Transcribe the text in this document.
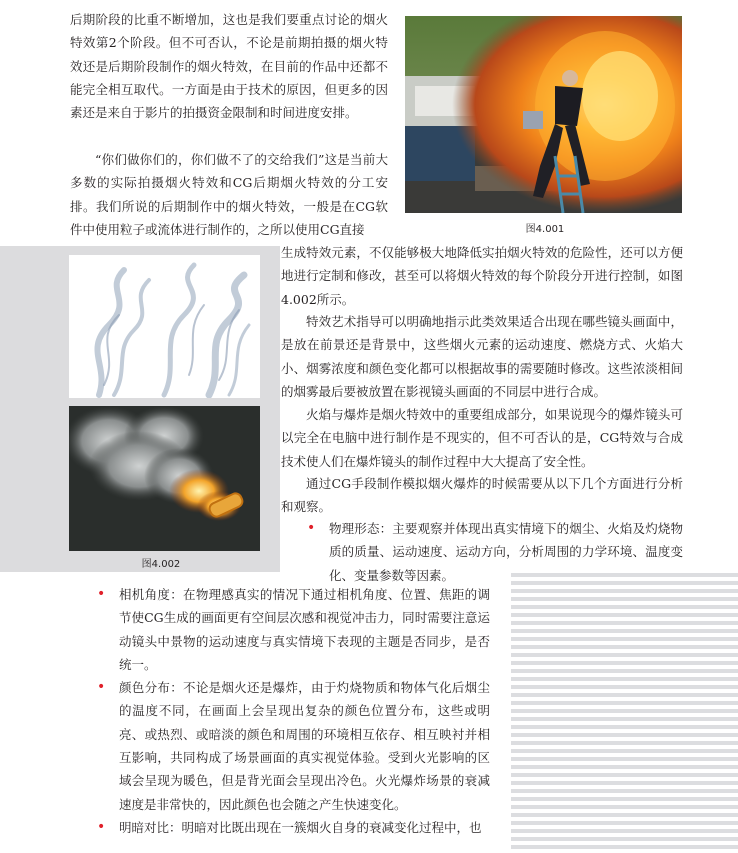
后期阶段的比重不断增加，这也是我们要重点讨论的烟火特效第2个阶段。但不可否认，不论是前期拍摄的烟火特效还是后期阶段制作的烟火特效，在目前的作品中还都不能完全相互取代。一方面是由于技术的原因，但更多的因素还是来自于影片的拍摄资金限制和时间进度安排。

“你们做你们的，你们做不了的交给我们”这是当前大多数的实际拍摄烟火特效和CG后期烟火特效的分工安排。我们所说的后期制作中的烟火特效，一般是在CG软件中使用粒子或流体进行制作的，之所以使用CG直接	图4.001

生成特效元素，不仅能够极大地降低实拍烟火特效的危险性，还可以方便地进行定制和修改，甚至可以将烟火特效的每个阶段分开进行控制，如图4.002所示。

图4.002

特效艺术指导可以明确地指示此类效果适合出现在哪些镜头画面中，是放在前景还是背景中，这些烟火元素的运动速度、燃烧方式、火焰大小、烟雾浓度和颜色变化都可以根据故事的需要随时修改。这些浓淡相间的烟雾最后要被放置在影视镜头画面的不同层中进行合成。

火焰与爆炸是烟火特效中的重要组成部分，如果说现今的爆炸镜头可以完全在电脑中进行制作是不现实的，但不可否认的是，CG特效与合成技术使人们在爆炸镜头的制作过程中大大提高了安全性。

通过CG手段制作模拟烟火爆炸的时候需要从以下几个方面进行分析和观察。

• 物理形态：主要观察并体现出真实情境下的烟尘、火焰及灼烧物质的质量、运动速度、运动方向，分析周围的力学环境、温度变化、变量参数等因素。
• 相机角度：在物理感真实的情况下通过相机角度、位置、焦距的调节使CG生成的画面更有空间层次感和视觉冲击力，同时需要注意运动镜头中景物的运动速度与真实情境下表现的主题是否同步，是否统一。
• 颜色分布：不论是烟火还是爆炸，由于灼烧物质和物体气化后烟尘的温度不同，在画面上会呈现出复杂的颜色位置分布，这些或明亮、或热烈、或暗淡的颜色和周围的环境相互依存、相互映衬并相互影响，共同构成了场景画面的真实视觉体验。受到火光影响的区域会呈现为暖色，但是背光面会呈现出冷色。火光爆炸场景的衰减速度是非常快的，因此颜色也会随之产生快速变化。
• 明暗对比：明暗对比既出现在一簇烟火自身的衰减变化过程中，也
